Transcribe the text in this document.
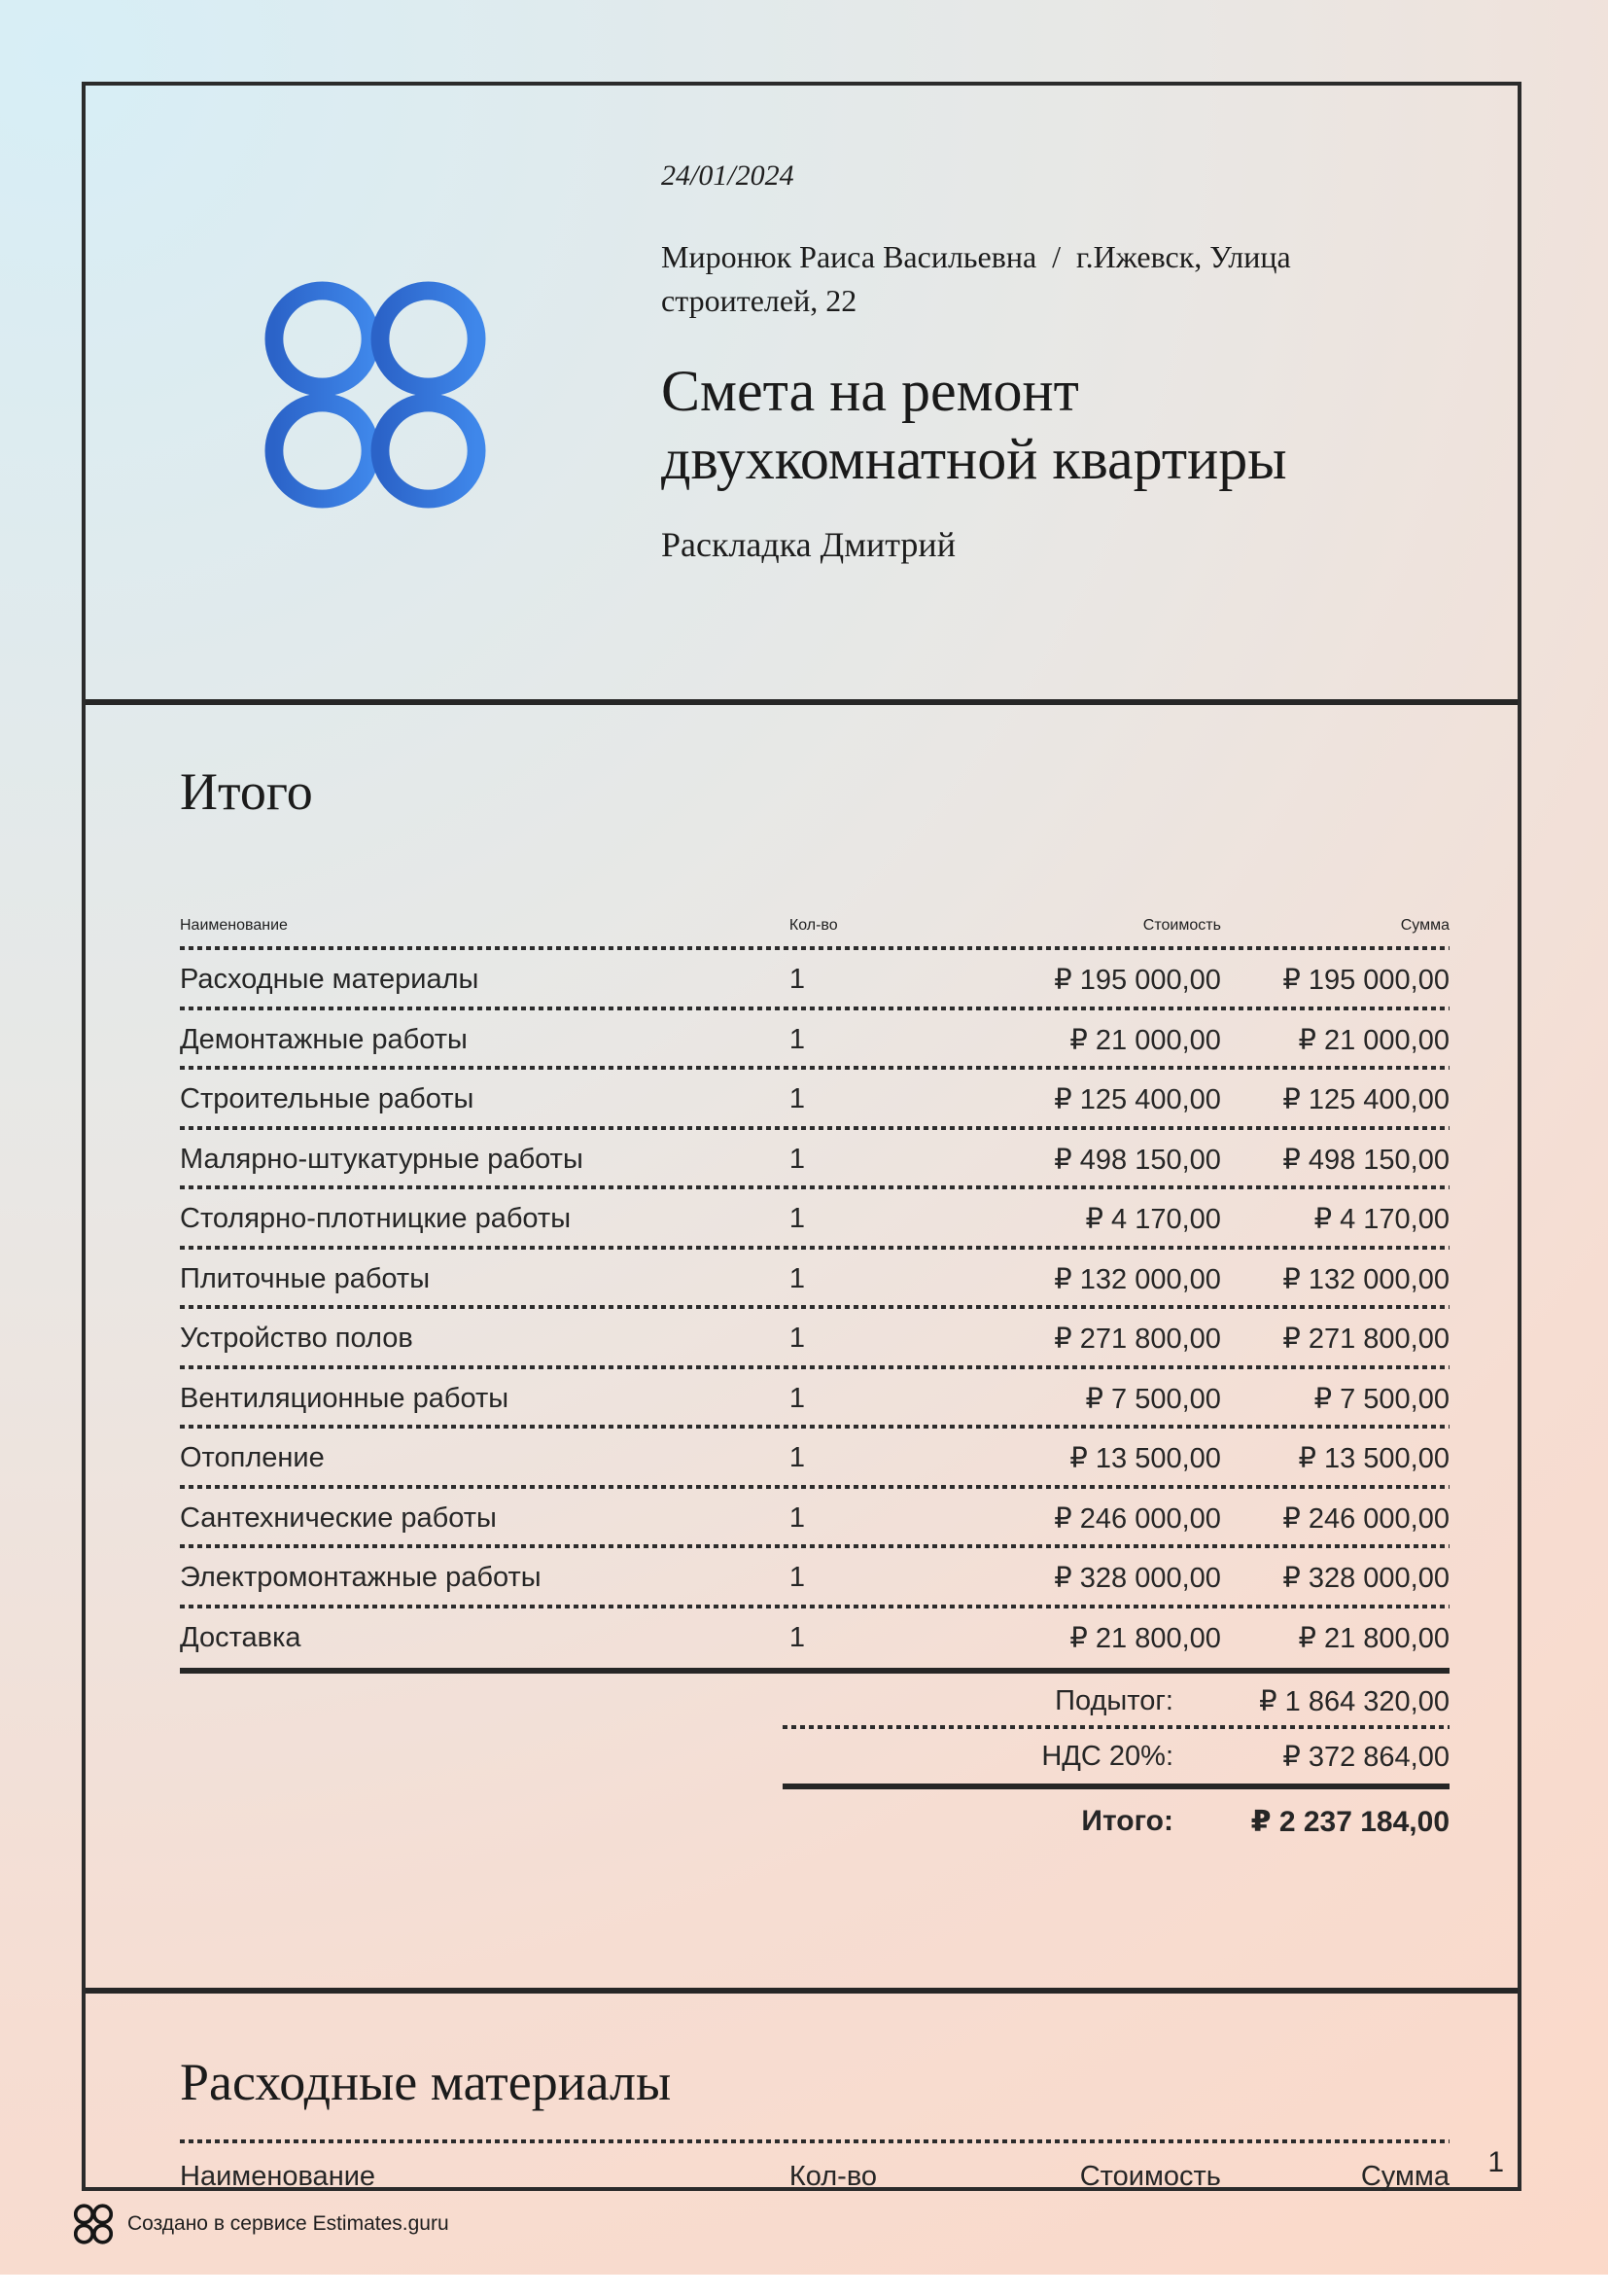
24/01/2024
Миронюк Раиса Васильевна  /  г.Ижевск, Улица строителей, 22
Смета на ремонт двухкомнатной квартиры
Раскладка Дмитрий
Итого
Наименование	Кол-во	Стоимость	Сумма
Расходные материалы	1	₽ 195 000,00	₽ 195 000,00
Демонтажные работы	1	₽ 21 000,00	₽ 21 000,00
Строительные работы	1	₽ 125 400,00	₽ 125 400,00
Малярно-штукатурные работы	1	₽ 498 150,00	₽ 498 150,00
Столярно-плотницкие работы	1	₽ 4 170,00	₽ 4 170,00
Плиточные работы	1	₽ 132 000,00	₽ 132 000,00
Устройство полов	1	₽ 271 800,00	₽ 271 800,00
Вентиляционные работы	1	₽ 7 500,00	₽ 7 500,00
Отопление	1	₽ 13 500,00	₽ 13 500,00
Сантехнические работы	1	₽ 246 000,00	₽ 246 000,00
Электромонтажные работы	1	₽ 328 000,00	₽ 328 000,00
Доставка	1	₽ 21 800,00	₽ 21 800,00
Подытог:	₽ 1 864 320,00
НДС 20%:	₽ 372 864,00
Итого:	₽ 2 237 184,00
Расходные материалы
Наименование	Кол-во	Стоимость	Сумма 1
Создано в сервисе Estimates.guru
